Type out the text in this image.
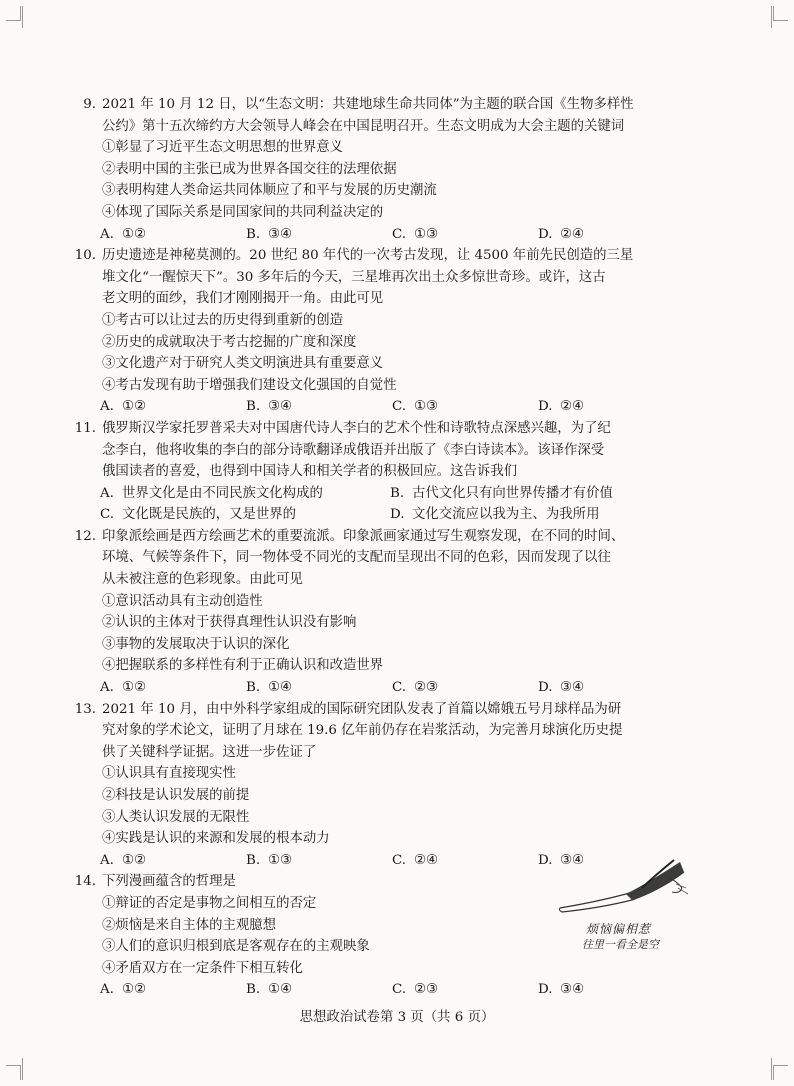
9. 2021 年 10 月 12 日，以“生态文明：共建地球生命共同体”为主题的联合国《生物多样性
公约》第十五次缔约方大会领导人峰会在中国昆明召开。生态文明成为大会主题的关键词
①彰显了习近平生态文明思想的世界意义
②表明中国的主张已成为世界各国交往的法理依据
③表明构建人类命运共同体顺应了和平与发展的历史潮流
④体现了国际关系是同国家间的共同利益决定的
A. ①②	B. ③④	C. ①③	D. ②④
10. 历史遗迹是神秘莫测的。20 世纪 80 年代的一次考古发现，让 4500 年前先民创造的三星
堆文化“一醒惊天下”。30 多年后的今天，三星堆再次出土众多惊世奇珍。或许，这古
老文明的面纱，我们才刚刚揭开一角。由此可见
①考古可以让过去的历史得到重新的创造
②历史的成就取决于考古挖掘的广度和深度
③文化遗产对于研究人类文明演进具有重要意义
④考古发现有助于增强我们建设文化强国的自觉性
A. ①②	B. ③④	C. ①③	D. ②④
11. 俄罗斯汉学家托罗普采夫对中国唐代诗人李白的艺术个性和诗歌特点深感兴趣，为了纪
念李白，他将收集的李白的部分诗歌翻译成俄语并出版了《李白诗读本》。该译作深受
俄国读者的喜爱，也得到中国诗人和相关学者的积极回应。这告诉我们
A. 世界文化是由不同民族文化构成的	B. 古代文化只有向世界传播才有价值
C. 文化既是民族的，又是世界的	D. 文化交流应以我为主、为我所用
12. 印象派绘画是西方绘画艺术的重要流派。印象派画家通过写生观察发现，在不同的时间、
环境、气候等条件下，同一物体受不同光的支配而呈现出不同的色彩，因而发现了以往
从未被注意的色彩现象。由此可见
①意识活动具有主动创造性
②认识的主体对于获得真理性认识没有影响
③事物的发展取决于认识的深化
④把握联系的多样性有利于正确认识和改造世界
A. ①②	B. ①④	C. ②③	D. ③④
13. 2021 年 10 月，由中外科学家组成的国际研究团队发表了首篇以嫦娥五号月球样品为研
究对象的学术论文，证明了月球在 19.6 亿年前仍存在岩浆活动，为完善月球演化历史提
供了关键科学证据。这进一步佐证了
①认识具有直接现实性
②科技是认识发展的前提
③人类认识发展的无限性
④实践是认识的来源和发展的根本动力
A. ①②	B. ①③	C. ②④	D. ③④
14. 下列漫画蕴含的哲理是
①辩证的否定是事物之间相互的否定
②烦恼是来自主体的主观臆想
③人们的意识归根到底是客观存在的主观映象
④矛盾双方在一定条件下相互转化
A. ①②	B. ①④	C. ②③	D. ③④
烦恼偏相惹
往里一看全是空
思想政治试卷第 3 页（共 6 页）
